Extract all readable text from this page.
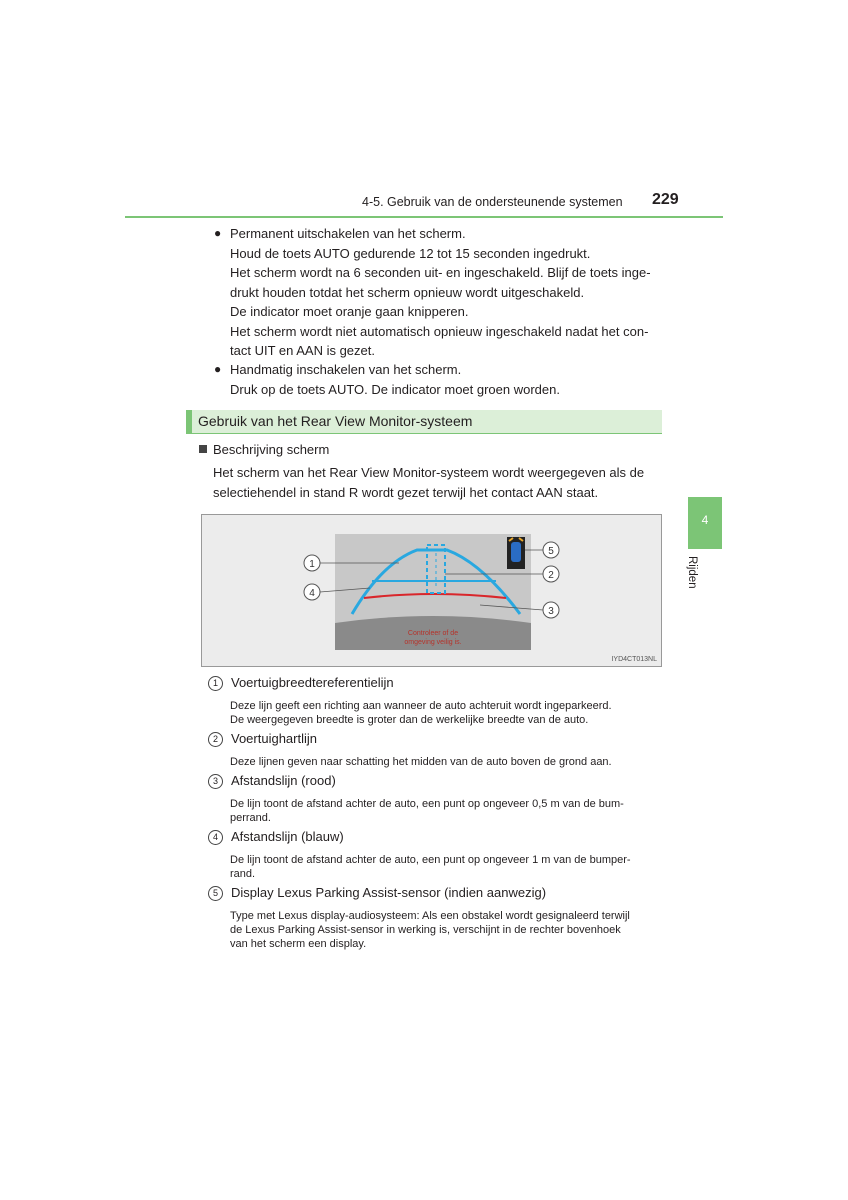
4-5. Gebruik van de ondersteunende systemen 229
4
Rijden
● Permanent uitschakelen van het scherm.
Houd de toets AUTO gedurende 12 tot 15 seconden ingedrukt.
Het scherm wordt na 6 seconden uit- en ingeschakeld. Blijf de toets inge-
drukt houden totdat het scherm opnieuw wordt uitgeschakeld.
De indicator moet oranje gaan knipperen.
Het scherm wordt niet automatisch opnieuw ingeschakeld nadat het con-
tact UIT en AAN is gezet.
● Handmatig inschakelen van het scherm.
Druk op de toets AUTO. De indicator moet groen worden.
Gebruik van het Rear View Monitor-systeem
Beschrijving scherm
Het scherm van het Rear View Monitor-systeem wordt weergegeven als de
selectiehendel in stand R wordt gezet terwijl het contact AAN staat.
Controleer of de
omgeving veilig is.
1
2
3
4
5
IYD4CT013NL
1 Voertuigbreedtereferentielijn
Deze lijn geeft een richting aan wanneer de auto achteruit wordt ingeparkeerd.
De weergegeven breedte is groter dan de werkelijke breedte van de auto.
2 Voertuighartlijn
Deze lijnen geven naar schatting het midden van de auto boven de grond aan.
3 Afstandslijn (rood)
De lijn toont de afstand achter de auto, een punt op ongeveer 0,5 m van de bum-
perrand.
4 Afstandslijn (blauw)
De lijn toont de afstand achter de auto, een punt op ongeveer 1 m van de bumper-
rand.
5 Display Lexus Parking Assist-sensor (indien aanwezig)
Type met Lexus display-audiosysteem: Als een obstakel wordt gesignaleerd terwijl
de Lexus Parking Assist-sensor in werking is, verschijnt in de rechter bovenhoek
van het scherm een display.
